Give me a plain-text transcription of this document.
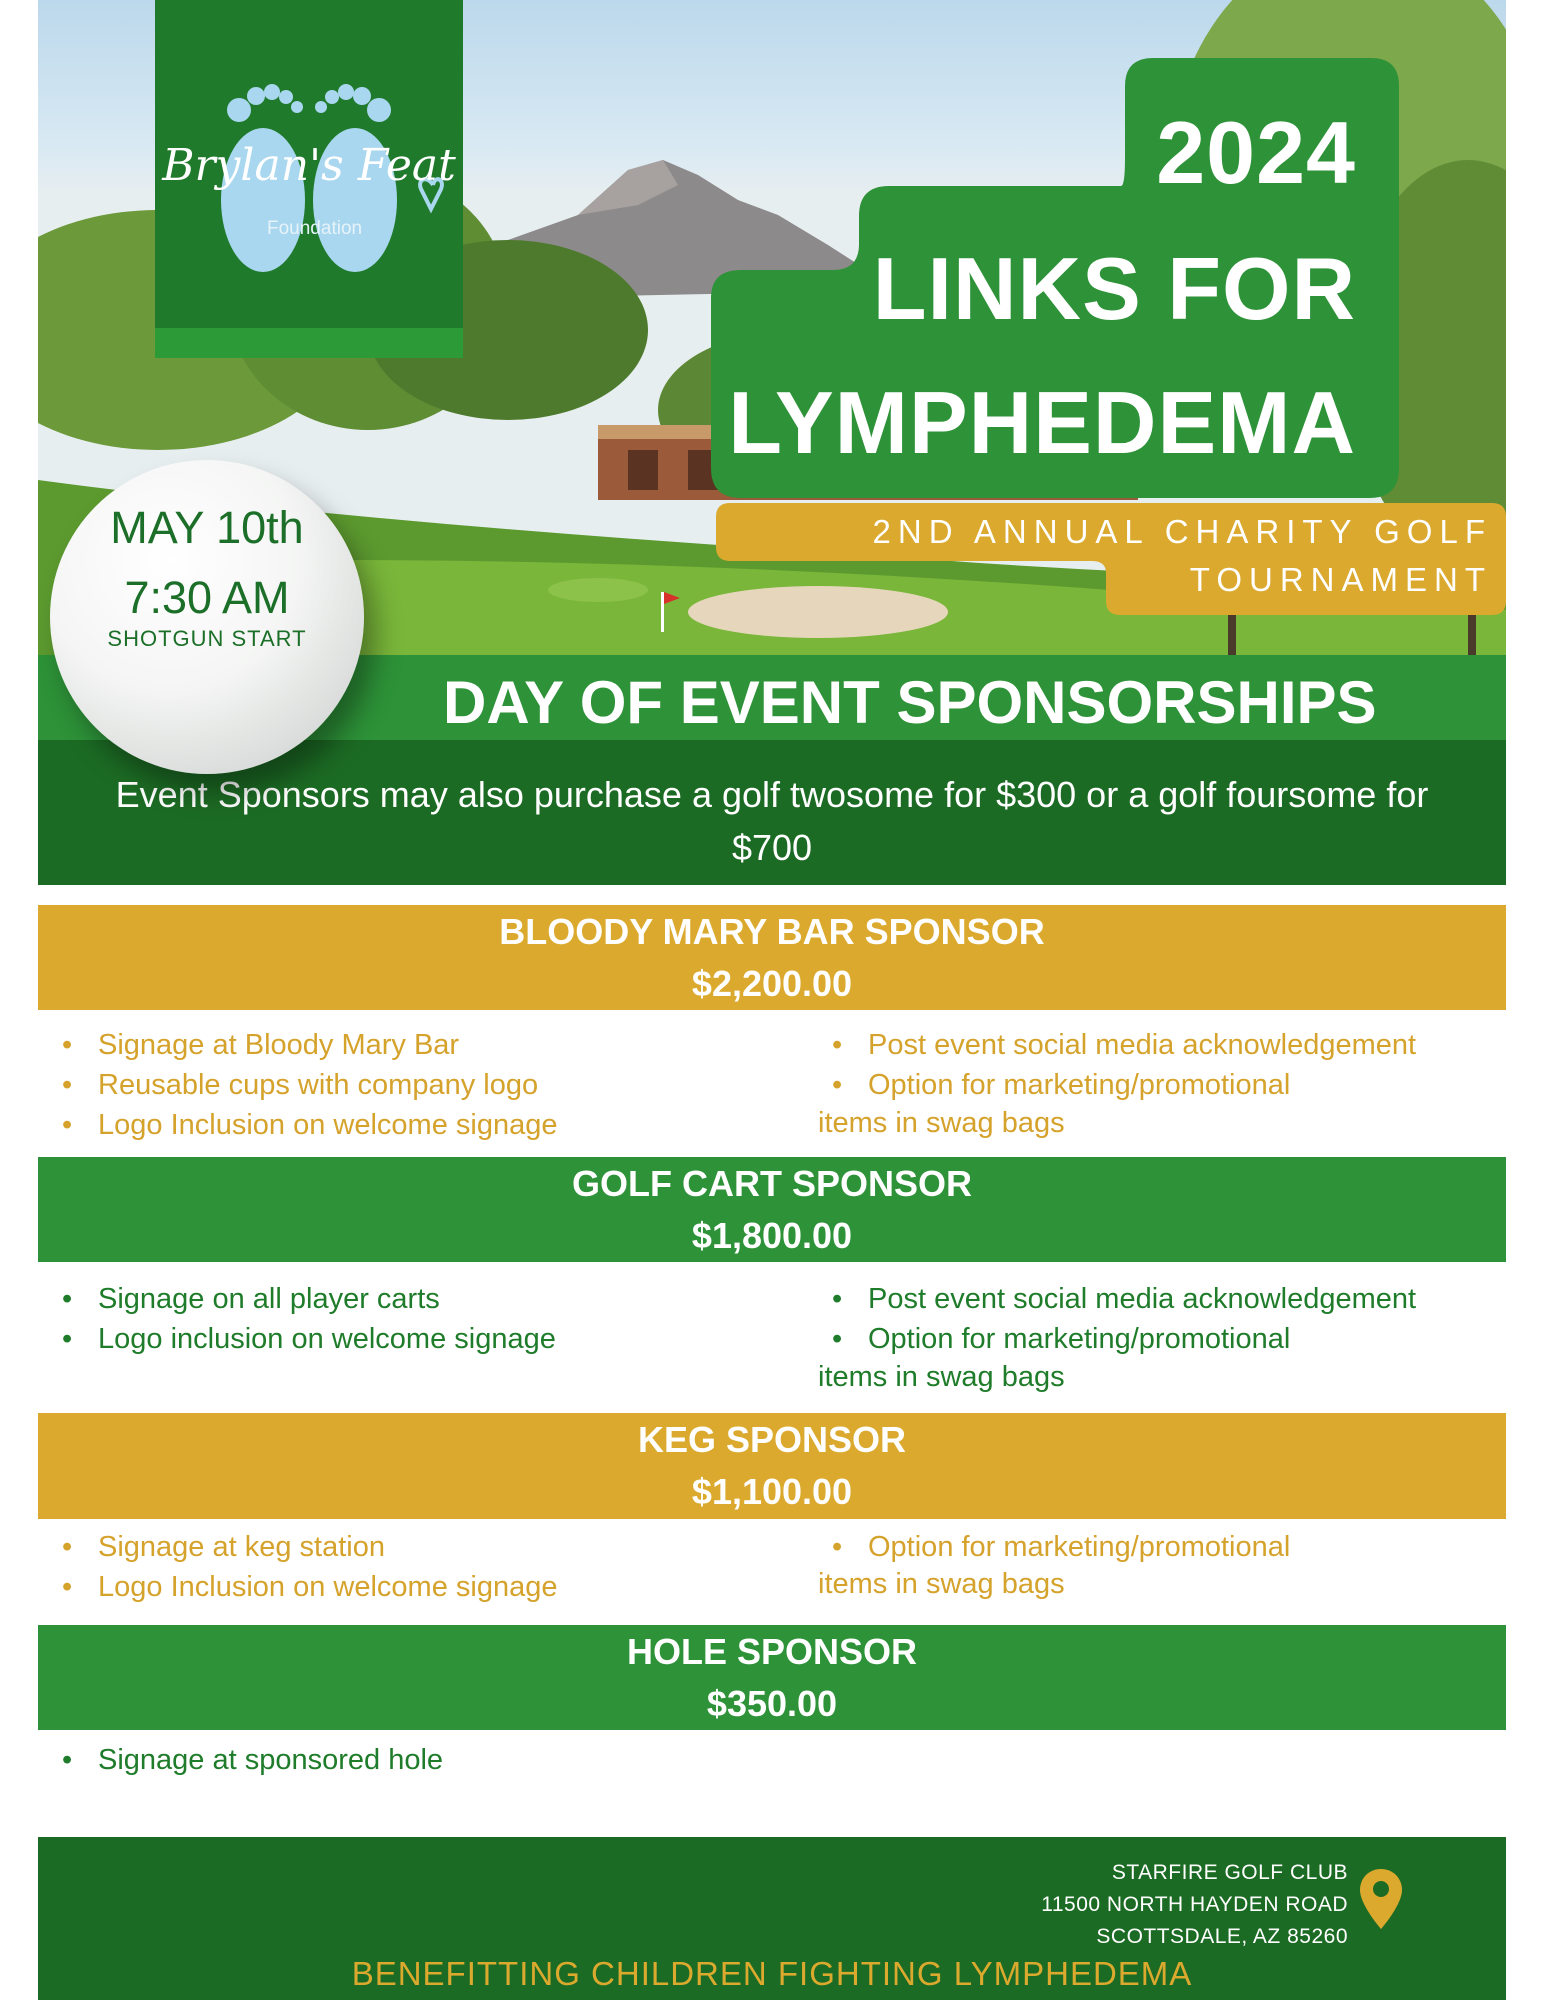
Brylan's Feat
Foundation
2024
LINKS FOR
LYMPHEDEMA
2ND ANNUAL CHARITY GOLF
TOURNAMENT
DAY OF EVENT SPONSORSHIPS
Event Sponsors may also purchase a golf twosome for $300 or a golf foursome for $700
MAY 10th
7:30 AM
SHOTGUN START
BLOODY MARY BAR SPONSOR
$2,200.00
• Signage at Bloody Mary Bar
• Reusable cups with company logo
• Logo Inclusion on welcome signage
• Post event social media acknowledgement
• Option for marketing/promotional
items in swag bags
GOLF CART SPONSOR
$1,800.00
• Signage on all player carts
• Logo inclusion on welcome signage
• Post event social media acknowledgement
• Option for marketing/promotional
items in swag bags
KEG SPONSOR
$1,100.00
• Signage at keg station
• Logo Inclusion on welcome signage
• Option for marketing/promotional
items in swag bags
HOLE SPONSOR
$350.00
• Signage at sponsored hole
STARFIRE GOLF CLUB
11500 NORTH HAYDEN ROAD
SCOTTSDALE, AZ 85260
BENEFITTING CHILDREN FIGHTING LYMPHEDEMA
